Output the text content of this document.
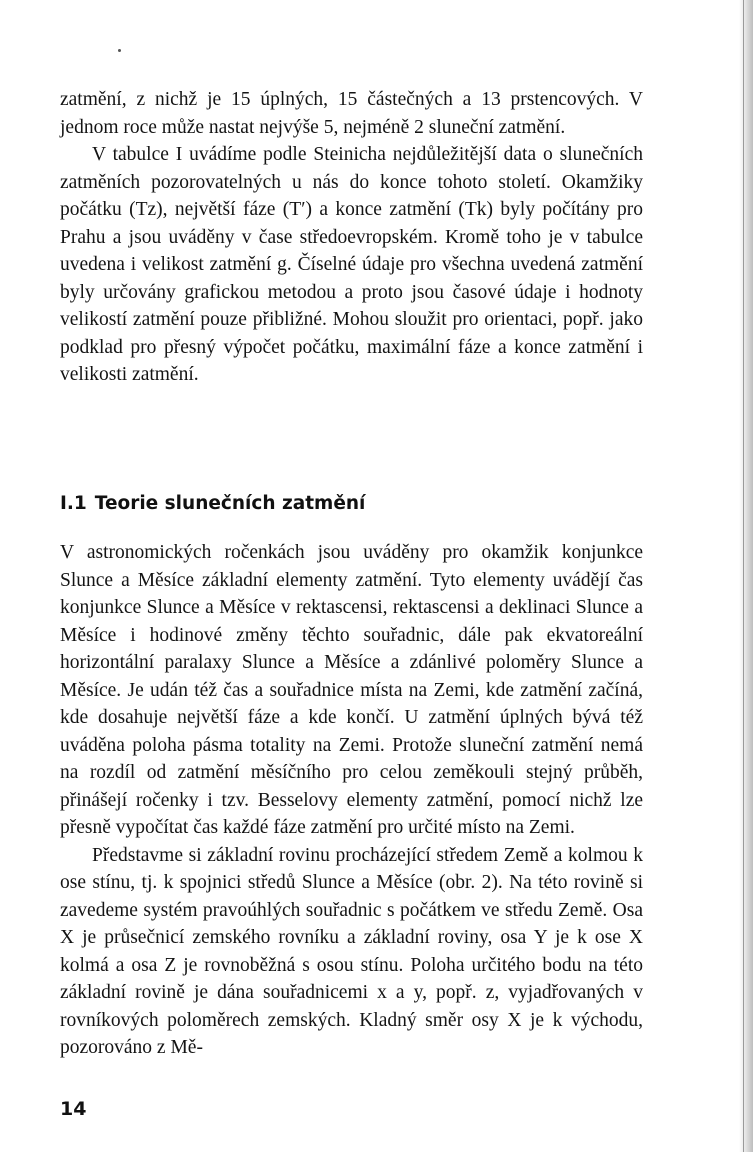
zatmění, z nichž je 15 úplných, 15 částečných a 13 prstencových. V jednom roce může nastat nejvýše 5, nejméně 2 sluneční zatmění.

V tabulce I uvádíme podle Steinicha nejdůležitější data o slunečních zatměních pozorovatelných u nás do konce tohoto století. Okamžiky počátku (Tz), největší fáze (T′) a konce zatmění (Tk) byly počítány pro Prahu a jsou uváděny v čase středoevropském. Kromě toho je v tabulce uvedena i velikost zatmění g. Číselné údaje pro všechna uvedená zatmění byly určovány grafickou metodou a proto jsou časové údaje i hodnoty velikostí zatmění pouze přibližné. Mohou sloužit pro orientaci, popř. jako podklad pro přesný výpočet počátku, maximální fáze a konce zatmění i velikosti zatmění.

I.1 Teorie slunečních zatmění

V astronomických ročenkách jsou uváděny pro okamžik konjunkce Slunce a Měsíce základní elementy zatmění. Tyto elementy uvádějí čas konjunkce Slunce a Měsíce v rektascensi, rektascensi a deklinaci Slunce a Měsíce i hodinové změny těchto souřadnic, dále pak ekvatoreální horizontální paralaxy Slunce a Měsíce a zdánlivé poloměry Slunce a Měsíce. Je udán též čas a souřadnice místa na Zemi, kde zatmění začíná, kde dosahuje největší fáze a kde končí. U zatmění úplných bývá též uváděna poloha pásma totality na Zemi. Protože sluneční zatmění nemá na rozdíl od zatmění měsíčního pro celou zeměkouli stejný průběh, přinášejí ročenky i tzv. Besselovy elementy zatmění, pomocí nichž lze přesně vypočítat čas každé fáze zatmění pro určité místo na Zemi.

Představme si základní rovinu procházející středem Země a kolmou k ose stínu, tj. k spojnici středů Slunce a Měsíce (obr. 2). Na této rovině si zavedeme systém pravoúhlých souřadnic s počátkem ve středu Země. Osa X je průsečnicí zemského rovníku a základní roviny, osa Y je k ose X kolmá a osa Z je rovnoběžná s osou stínu. Poloha určitého bodu na této základní rovině je dána souřadnicemi x a y, popř. z, vyjadřovaných v rovníkových poloměrech zemských. Kladný směr osy X je k východu, pozorováno z Mě-

14
